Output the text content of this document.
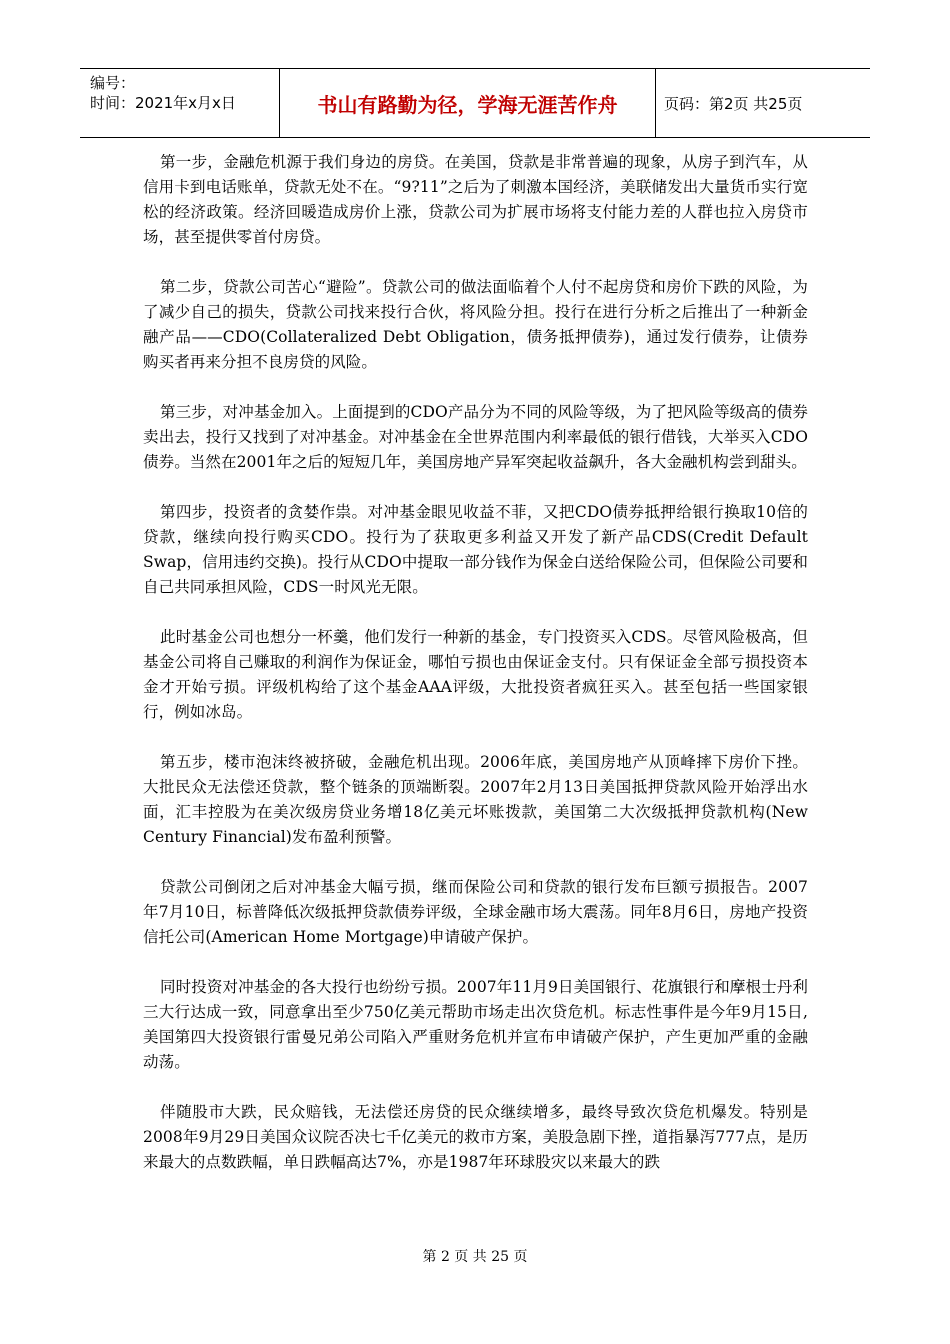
编号：
时间：2021年x月x日	书山有路勤为径，学海无涯苦作舟	页码：第2页 共25页

第一步，金融危机源于我们身边的房贷。在美国，贷款是非常普遍的现象，从房子到汽车，从信用卡到电话账单，贷款无处不在。“9?11”之后为了刺激本国经济，美联储发出大量货币实行宽松的经济政策。经济回暖造成房价上涨，贷款公司为扩展市场将支付能力差的人群也拉入房贷市场，甚至提供零首付房贷。

第二步，贷款公司苦心“避险”。贷款公司的做法面临着个人付不起房贷和房价下跌的风险，为了减少自己的损失，贷款公司找来投行合伙，将风险分担。投行在进行分析之后推出了一种新金融产品——CDO(Collateralized Debt Obligation，债务抵押债券)，通过发行债券，让债券购买者再来分担不良房贷的风险。

第三步，对冲基金加入。上面提到的CDO产品分为不同的风险等级，为了把风险等级高的债券卖出去，投行又找到了对冲基金。对冲基金在全世界范围内利率最低的银行借钱，大举买入CDO债券。当然在2001年之后的短短几年，美国房地产异军突起收益飙升，各大金融机构尝到甜头。

第四步，投资者的贪婪作祟。对冲基金眼见收益不菲，又把CDO债券抵押给银行换取10倍的贷款，继续向投行购买CDO。投行为了获取更多利益又开发了新产品CDS(Credit Default Swap，信用违约交换)。投行从CDO中提取一部分钱作为保金白送给保险公司，但保险公司要和自己共同承担风险，CDS一时风光无限。

此时基金公司也想分一杯羹，他们发行一种新的基金，专门投资买入CDS。尽管风险极高，但基金公司将自己赚取的利润作为保证金，哪怕亏损也由保证金支付。只有保证金全部亏损投资本金才开始亏损。评级机构给了这个基金AAA评级，大批投资者疯狂买入。甚至包括一些国家银行，例如冰岛。

第五步，楼市泡沫终被挤破，金融危机出现。2006年底，美国房地产从顶峰摔下房价下挫。大批民众无法偿还贷款，整个链条的顶端断裂。2007年2月13日美国抵押贷款风险开始浮出水面，汇丰控股为在美次级房贷业务增18亿美元坏账拨款，美国第二大次级抵押贷款机构(New Century Financial)发布盈利预警。

贷款公司倒闭之后对冲基金大幅亏损，继而保险公司和贷款的银行发布巨额亏损报告。2007年7月10日，标普降低次级抵押贷款债券评级，全球金融市场大震荡。同年8月6日，房地产投资信托公司(American Home Mortgage)申请破产保护。

同时投资对冲基金的各大投行也纷纷亏损。2007年11月9日美国银行、花旗银行和摩根士丹利三大行达成一致，同意拿出至少750亿美元帮助市场走出次贷危机。标志性事件是今年9月15日,美国第四大投资银行雷曼兄弟公司陷入严重财务危机并宣布申请破产保护，产生更加严重的金融动荡。

伴随股市大跌，民众赔钱，无法偿还房贷的民众继续增多，最终导致次贷危机爆发。特别是2008年9月29日美国众议院否决七千亿美元的救市方案，美股急剧下挫，道指暴泻777点，是历来最大的点数跌幅，单日跌幅高达7%，亦是1987年环球股灾以来最大的跌

第 2 页 共 25 页
